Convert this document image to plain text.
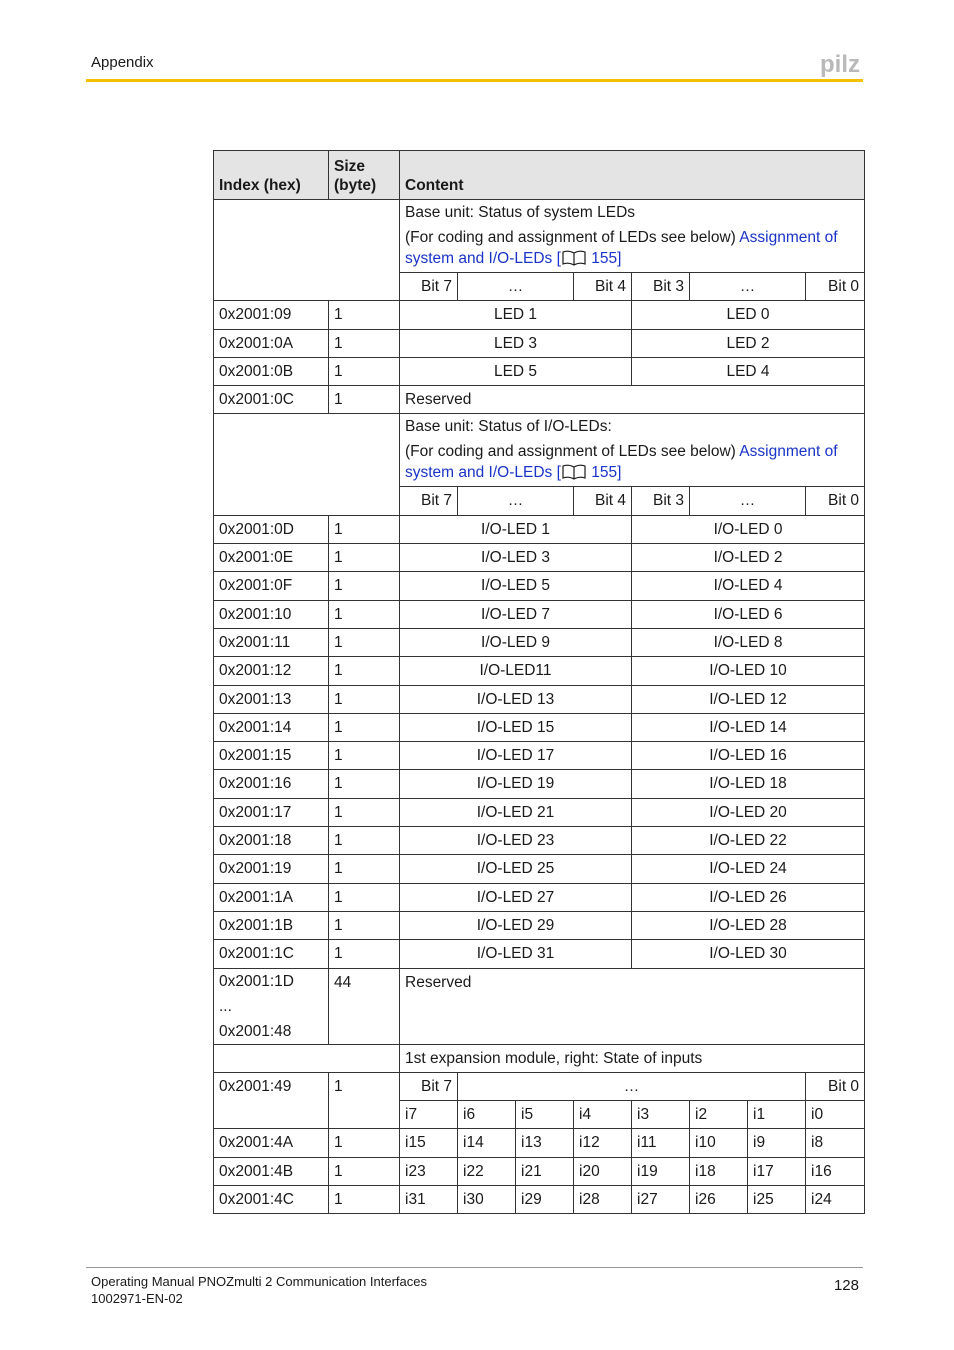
Appendix	pilz
Index (hex)	Size (byte)	Content							

		Base unit: Status of system LEDs

(For coding and assignment of LEDs see below) Assignment of system and I/O-LEDs [ 155]							

		Bit 7	…		Bit 4	Bit 3	…		Bit 0
0x2001:09	1	LED 1				LED 0			
0x2001:0A	1	LED 3				LED 2			
0x2001:0B	1	LED 5				LED 4			
0x2001:0C	1	Reserved							

		Base unit: Status of I/O-LEDs:

(For coding and assignment of LEDs see below) Assignment of system and I/O-LEDs [ 155]							

		Bit 7	…		Bit 4	Bit 3	…		Bit 0
0x2001:0D	1	I/O-LED 1				I/O-LED 0			
0x2001:0E	1	I/O-LED 3				I/O-LED 2			
0x2001:0F	1	I/O-LED 5				I/O-LED 4			
0x2001:10	1	I/O-LED 7				I/O-LED 6			
0x2001:11	1	I/O-LED 9				I/O-LED 8			
0x2001:12	1	I/O-LED11				I/O-LED 10			
0x2001:13	1	I/O-LED 13				I/O-LED 12			
0x2001:14	1	I/O-LED 15				I/O-LED 14			
0x2001:15	1	I/O-LED 17				I/O-LED 16			
0x2001:16	1	I/O-LED 19				I/O-LED 18			
0x2001:17	1	I/O-LED 21				I/O-LED 20			
0x2001:18	1	I/O-LED 23				I/O-LED 22			
0x2001:19	1	I/O-LED 25				I/O-LED 24			
0x2001:1A	1	I/O-LED 27				I/O-LED 26			
0x2001:1B	1	I/O-LED 29				I/O-LED 28			
0x2001:1C	1	I/O-LED 31				I/O-LED 30			

0x2001:1D
...
0x2001:48	44	Reserved							
		1st expansion module, right: State of inputs							
0x2001:49	1	Bit 7	…						Bit 0
		i7	i6	i5	i4	i3	i2	i1	i0
0x2001:4A	1	i15	i14	i13	i12	i11	i10	i9	i8
0x2001:4B	1	i23	i22	i21	i20	i19	i18	i17	i16
0x2001:4C	1	i31	i30	i29	i28	i27	i26	i25	i24
Operating Manual PNOZmulti 2 Communication Interfaces
1002971-EN-02
128
